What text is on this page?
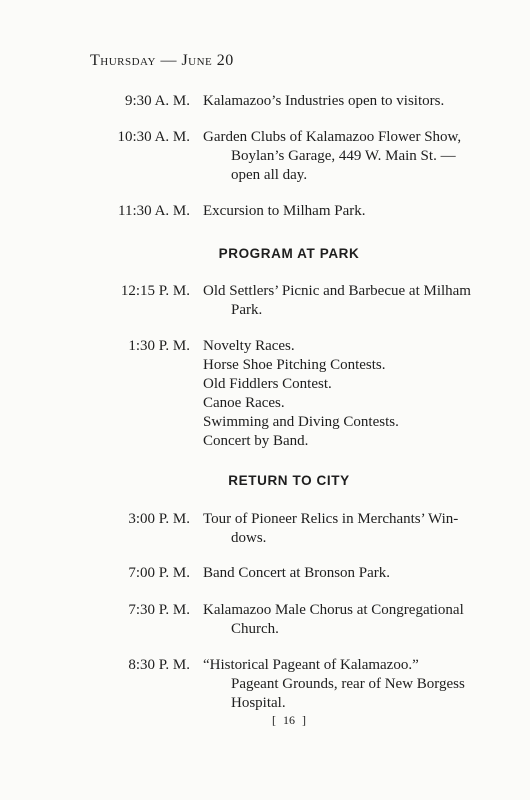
Thursday — June 20
9:30 A. M. Kalamazoo’s Industries open to visitors.
10:30 A. M. Garden Clubs of Kalamazoo Flower Show,
Boylan’s Garage, 449 W. Main St. —
open all day.
11:30 A. M. Excursion to Milham Park.
PROGRAM AT PARK
12:15 P. M. Old Settlers’ Picnic and Barbecue at Milham
Park.
1:30 P. M. Novelty Races.
Horse Shoe Pitching Contests.
Old Fiddlers Contest.
Canoe Races.
Swimming and Diving Contests.
Concert by Band.
RETURN TO CITY
3:00 P. M. Tour of Pioneer Relics in Merchants’ Win-
dows.
7:00 P. M. Band Concert at Bronson Park.
7:30 P. M. Kalamazoo Male Chorus at Congregational
Church.
8:30 P. M. “Historical Pageant of Kalamazoo.”
Pageant Grounds, rear of New Borgess
Hospital.
[ 16 ]
